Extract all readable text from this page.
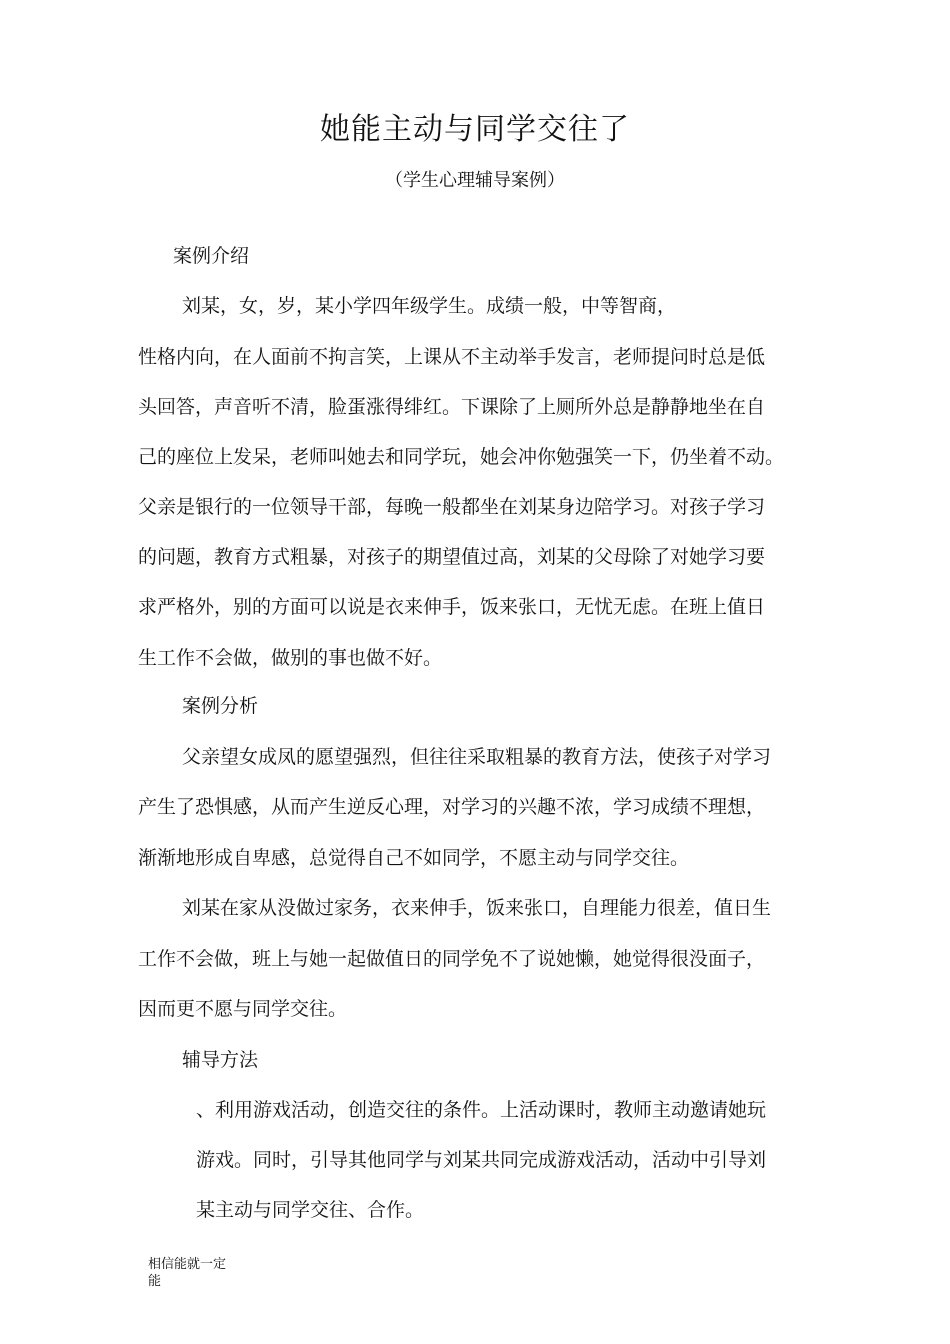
她能主动与同学交往了
（学生心理辅导案例）
案例介绍
刘某，女，岁，某小学四年级学生。成绩一般，中等智商，
性格内向，在人面前不拘言笑，上课从不主动举手发言，老师提问时总是低
头回答，声音听不清，脸蛋涨得绯红。下课除了上厕所外总是静静地坐在自
己的座位上发呆，老师叫她去和同学玩，她会冲你勉强笑一下，仍坐着不动。
父亲是银行的一位领导干部，每晚一般都坐在刘某身边陪学习。对孩子学习
的问题，教育方式粗暴，对孩子的期望值过高，刘某的父母除了对她学习要
求严格外，别的方面可以说是衣来伸手，饭来张口，无忧无虑。在班上值日
生工作不会做，做别的事也做不好。
案例分析
父亲望女成凤的愿望强烈，但往往采取粗暴的教育方法，使孩子对学习
产生了恐惧感，从而产生逆反心理，对学习的兴趣不浓，学习成绩不理想，
渐渐地形成自卑感，总觉得自己不如同学，不愿主动与同学交往。
刘某在家从没做过家务，衣来伸手，饭来张口，自理能力很差，值日生
工作不会做，班上与她一起做值日的同学免不了说她懒，她觉得很没面子，
因而更不愿与同学交往。
辅导方法
、利用游戏活动，创造交往的条件。上活动课时，教师主动邀请她玩
游戏。同时，引导其他同学与刘某共同完成游戏活动，活动中引导刘
某主动与同学交往、合作。
相信能就一定
能
